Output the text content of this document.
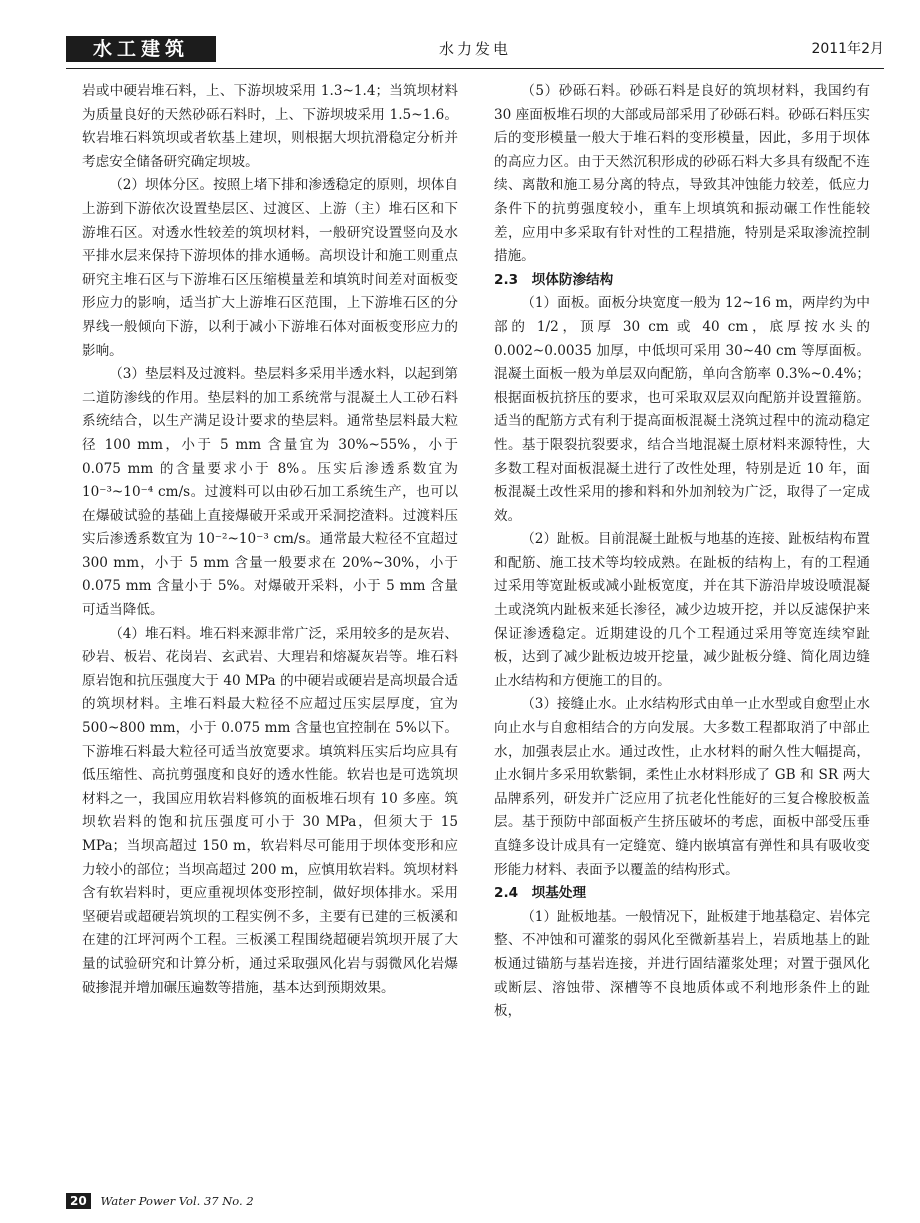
水工建筑	水力发电	2011年2月

岩或中硬岩堆石料，上、下游坝坡采用 1.3~1.4；当筑坝材料为质量良好的天然砂砾石料时，上、下游坝坡采用 1.5~1.6。软岩堆石料筑坝或者软基上建坝，则根据大坝抗滑稳定分析并考虑安全储备研究确定坝坡。

（2）坝体分区。按照上堵下排和渗透稳定的原则，坝体自上游到下游依次设置垫层区、过渡区、上游（主）堆石区和下游堆石区。对透水性较差的筑坝材料，一般研究设置竖向及水平排水层来保持下游坝体的排水通畅。高坝设计和施工则重点研究主堆石区与下游堆石区压缩模量差和填筑时间差对面板变形应力的影响，适当扩大上游堆石区范围，上下游堆石区的分界线一般倾向下游，以利于减小下游堆石体对面板变形应力的影响。

（3）垫层料及过渡料。垫层料多采用半透水料，以起到第二道防渗线的作用。垫层料的加工系统常与混凝土人工砂石料系统结合，以生产满足设计要求的垫层料。通常垫层料最大粒径 100 mm，小于 5 mm 含量宜为 30%~55%，小于 0.075 mm 的含量要求小于 8%。压实后渗透系数宜为 10⁻³~10⁻⁴ cm/s。过渡料可以由砂石加工系统生产，也可以在爆破试验的基础上直接爆破开采或开采洞挖渣料。过渡料压实后渗透系数宜为 10⁻²~10⁻³ cm/s。通常最大粒径不宜超过 300 mm，小于 5 mm 含量一般要求在 20%~30%，小于 0.075 mm 含量小于 5%。对爆破开采料，小于 5 mm 含量可适当降低。

（4）堆石料。堆石料来源非常广泛，采用较多的是灰岩、砂岩、板岩、花岗岩、玄武岩、大理岩和熔凝灰岩等。堆石料原岩饱和抗压强度大于 40 MPa 的中硬岩或硬岩是高坝最合适的筑坝材料。主堆石料最大粒径不应超过压实层厚度，宜为 500~800 mm，小于 0.075 mm 含量也宜控制在 5%以下。下游堆石料最大粒径可适当放宽要求。填筑料压实后均应具有低压缩性、高抗剪强度和良好的透水性能。软岩也是可选筑坝材料之一，我国应用软岩料修筑的面板堆石坝有 10 多座。筑坝软岩料的饱和抗压强度可小于 30 MPa，但须大于 15 MPa；当坝高超过 150 m，软岩料尽可能用于坝体变形和应力较小的部位；当坝高超过 200 m，应慎用软岩料。筑坝材料含有软岩料时，更应重视坝体变形控制，做好坝体排水。采用坚硬岩或超硬岩筑坝的工程实例不多，主要有已建的三板溪和在建的江坪河两个工程。三板溪工程围绕超硬岩筑坝开展了大量的试验研究和计算分析，通过采取强风化岩与弱微风化岩爆破掺混并增加碾压遍数等措施，基本达到预期效果。

（5）砂砾石料。砂砾石料是良好的筑坝材料，我国约有 30 座面板堆石坝的大部或局部采用了砂砾石料。砂砾石料压实后的变形模量一般大于堆石料的变形模量，因此，多用于坝体的高应力区。由于天然沉积形成的砂砾石料大多具有级配不连续、离散和施工易分离的特点，导致其冲蚀能力较差，低应力条件下的抗剪强度较小，重车上坝填筑和振动碾工作性能较差，应用中多采取有针对性的工程措施，特别是采取渗流控制措施。

2.3　坝体防渗结构

（1）面板。面板分块宽度一般为 12~16 m，两岸约为中部的 1/2，顶厚 30 cm 或 40 cm，底厚按水头的 0.002~0.0035 加厚，中低坝可采用 30~40 cm 等厚面板。混凝土面板一般为单层双向配筋，单向含筋率 0.3%~0.4%；根据面板抗挤压的要求，也可采取双层双向配筋并设置箍筋。适当的配筋方式有利于提高面板混凝土浇筑过程中的流动稳定性。基于限裂抗裂要求，结合当地混凝土原材料来源特性，大多数工程对面板混凝土进行了改性处理，特别是近 10 年，面板混凝土改性采用的掺和料和外加剂较为广泛，取得了一定成效。

（2）趾板。目前混凝土趾板与地基的连接、趾板结构布置和配筋、施工技术等均较成熟。在趾板的结构上，有的工程通过采用等宽趾板或减小趾板宽度，并在其下游沿岸坡设喷混凝土或浇筑内趾板来延长渗径，减少边坡开挖，并以反滤保护来保证渗透稳定。近期建设的几个工程通过采用等宽连续窄趾板，达到了减少趾板边坡开挖量，减少趾板分缝、简化周边缝止水结构和方便施工的目的。

（3）接缝止水。止水结构形式由单一止水型或自愈型止水向止水与自愈相结合的方向发展。大多数工程都取消了中部止水，加强表层止水。通过改性，止水材料的耐久性大幅提高，止水铜片多采用软紫铜，柔性止水材料形成了 GB 和 SR 两大品牌系列，研发并广泛应用了抗老化性能好的三复合橡胶板盖层。基于预防中部面板产生挤压破坏的考虑，面板中部受压垂直缝多设计成具有一定缝宽、缝内嵌填富有弹性和具有吸收变形能力材料、表面予以覆盖的结构形式。

2.4　坝基处理

（1）趾板地基。一般情况下，趾板建于地基稳定、岩体完整、不冲蚀和可灌浆的弱风化至微新基岩上，岩质地基上的趾板通过锚筋与基岩连接，并进行固结灌浆处理；对置于强风化或断层、溶蚀带、深槽等不良地质体或不利地形条件上的趾板，

20 Water Power Vol. 37 No. 2
